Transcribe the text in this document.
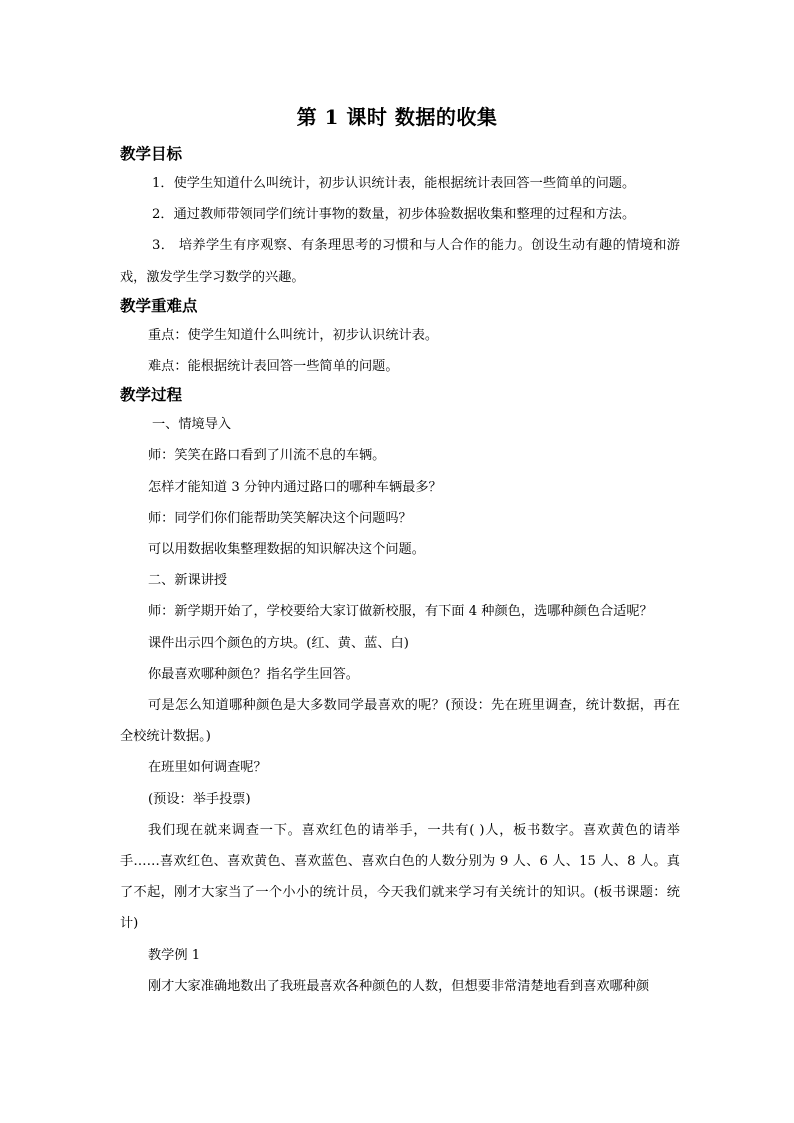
第 1 课时 数据的收集
教学目标

1．使学生知道什么叫统计，初步认识统计表，能根据统计表回答一些简单的问题。

2．通过教师带领同学们统计事物的数量，初步体验数据收集和整理的过程和方法。

3． 培养学生有序观察、有条理思考的习惯和与人合作的能力。创设生动有趣的情境和游戏，激发学生学习数学的兴趣。

教学重难点

重点：使学生知道什么叫统计，初步认识统计表。

难点：能根据统计表回答一些简单的问题。

教学过程

一、情境导入

师：笑笑在路口看到了川流不息的车辆。

怎样才能知道 3 分钟内通过路口的哪种车辆最多？

师：同学们你们能帮助笑笑解决这个问题吗？

可以用数据收集整理数据的知识解决这个问题。

二、新课讲授

师：新学期开始了，学校要给大家订做新校服，有下面 4 种颜色，选哪种颜色合适呢？

课件出示四个颜色的方块。(红、黄、蓝、白)

你最喜欢哪种颜色？指名学生回答。

可是怎么知道哪种颜色是大多数同学最喜欢的呢？(预设：先在班里调查，统计数据，再在全校统计数据。)

在班里如何调查呢？

(预设：举手投票)

我们现在就来调查一下。喜欢红色的请举手，一共有( )人，板书数字。喜欢黄色的请举手……喜欢红色、喜欢黄色、喜欢蓝色、喜欢白色的人数分别为 9 人、6 人、15 人、8 人。真了不起，刚才大家当了一个小小的统计员，今天我们就来学习有关统计的知识。(板书课题：统计)

教学例 1

刚才大家准确地数出了我班最喜欢各种颜色的人数，但想要非常清楚地看到喜欢哪种颜
